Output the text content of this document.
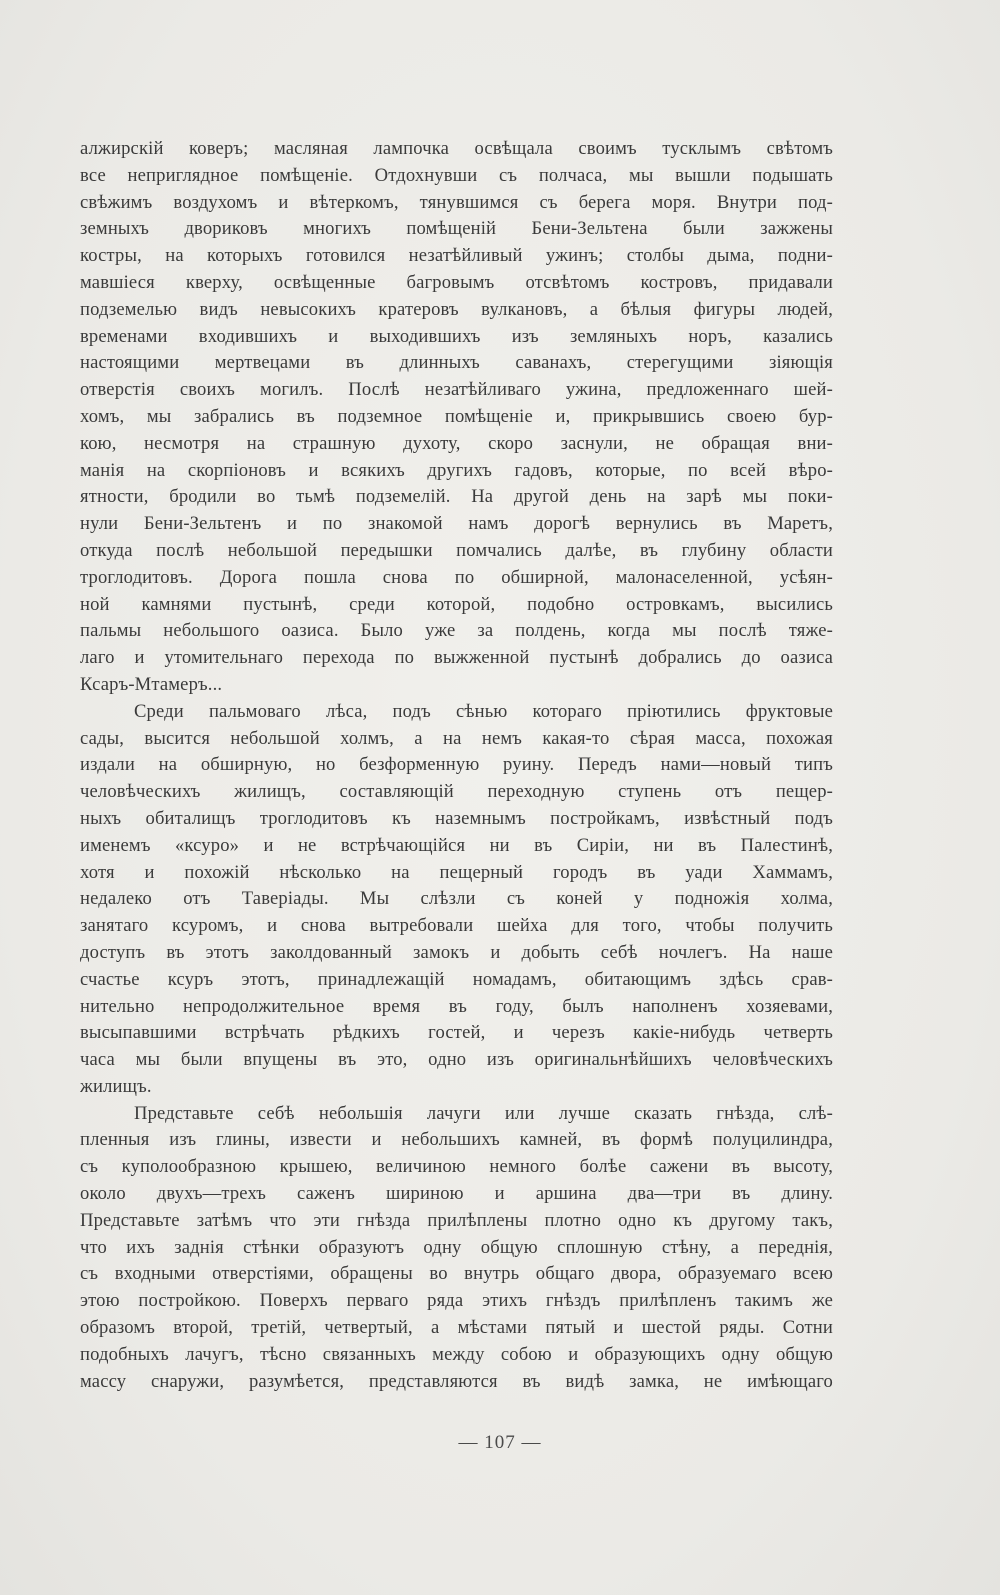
алжирскій коверъ; масляная лампочка освѣщала своимъ тусклымъ свѣтомъ
все неприглядное помѣщеніе. Отдохнувши съ полчаса, мы вышли подышать
свѣжимъ воздухомъ и вѣтеркомъ, тянувшимся съ берега моря. Внутри под-
земныхъ двориковъ многихъ помѣщеній Бени-Зельтена были зажжены
костры, на которыхъ готовился незатѣйливый ужинъ; столбы дыма, подни-
мавшіеся кверху, освѣщенные багровымъ отсвѣтомъ костровъ, придавали
подземелью видъ невысокихъ кратеровъ вулкановъ, а бѣлыя фигуры людей,
временами входившихъ и выходившихъ изъ земляныхъ норъ, казались
настоящими мертвецами въ длинныхъ саванахъ, стерегущими зіяющія
отверстія своихъ могилъ. Послѣ незатѣйливаго ужина, предложеннаго шей-
хомъ, мы забрались въ подземное помѣщеніе и, прикрывшись своею бур-
кою, несмотря на страшную духоту, скоро заснули, не обращая вни-
манія на скорпіоновъ и всякихъ другихъ гадовъ, которые, по всей вѣро-
ятности, бродили во тьмѣ подземелій. На другой день на зарѣ мы поки-
нули Бени-Зельтенъ и по знакомой намъ дорогѣ вернулись въ Маретъ,
откуда послѣ небольшой передышки помчались далѣе, въ глубину области
троглодитовъ. Дорога пошла снова по обширной, малонаселенной, усѣян-
ной камнями пустынѣ, среди которой, подобно островкамъ, высились
пальмы небольшого оазиса. Было уже за полдень, когда мы послѣ тяже-
лаго и утомительнаго перехода по выжженной пустынѣ добрались до оазиса
Ксаръ-Мтамеръ...
Среди пальмоваго лѣса, подъ сѣнью котораго пріютились фруктовые
сады, высится небольшой холмъ, а на немъ какая-то сѣрая масса, похожая
издали на обширную, но безформенную руину. Передъ нами—новый типъ
человѣческихъ жилищъ, составляющій переходную ступень отъ пещер-
ныхъ обиталищъ троглодитовъ къ наземнымъ постройкамъ, извѣстный подъ
именемъ «ксуро» и не встрѣчающійся ни въ Сиріи, ни въ Палестинѣ,
хотя и похожій нѣсколько на пещерный городъ въ уади Хаммамъ,
недалеко отъ Таверіады. Мы слѣзли съ коней у подножія холма,
занятаго ксуромъ, и снова вытребовали шейха для того, чтобы получить
доступъ въ этотъ заколдованный замокъ и добыть себѣ ночлегъ. На наше
счастье ксуръ этотъ, принадлежащій номадамъ, обитающимъ здѣсь срав-
нительно непродолжительное время въ году, былъ наполненъ хозяевами,
высыпавшими встрѣчать рѣдкихъ гостей, и черезъ какіе-нибудь четверть
часа мы были впущены въ это, одно изъ оригинальнѣйшихъ человѣческихъ
жилищъ.
Представьте себѣ небольшія лачуги или лучше сказать гнѣзда, слѣ-
пленныя изъ глины, извести и небольшихъ камней, въ формѣ полуцилиндра,
съ куполообразною крышею, величиною немного болѣе сажени въ высоту,
около двухъ—трехъ саженъ шириною и аршина два—три въ длину.
Представьте затѣмъ что эти гнѣзда прилѣплены плотно одно къ другому такъ,
что ихъ заднія стѣнки образуютъ одну общую сплошную стѣну, а переднія,
съ входными отверстіями, обращены во внутрь общаго двора, образуемаго всею
этою постройкою. Поверхъ перваго ряда этихъ гнѣздъ прилѣпленъ такимъ же
образомъ второй, третій, четвертый, а мѣстами пятый и шестой ряды. Сотни
подобныхъ лачугъ, тѣсно связанныхъ между собою и образующихъ одну общую
массу снаружи, разумѣется, представляются въ видѣ замка, не имѣющаго
— 107 —
